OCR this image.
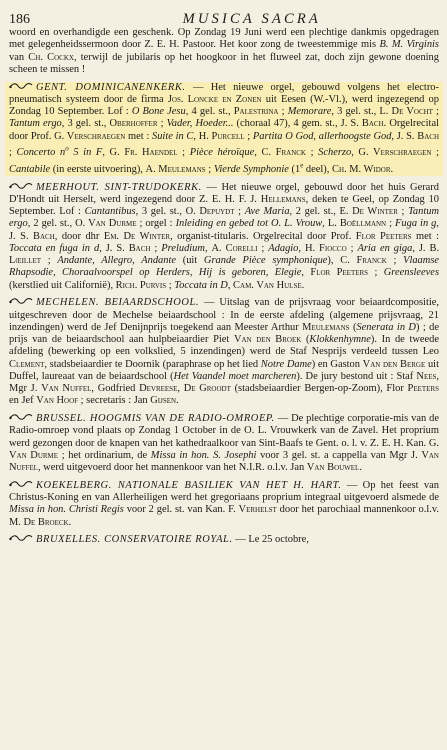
186	MUSICA SACRA

woord en overhandigde een geschenk. Op Zondag 19 Juni werd een plechtige dankmis opgedragen met gelegenheidssermoon door Z. E. H. Pastoor. Het koor zong de tweestemmige mis B. M. Virginis van Ch. Cockx, terwijl de jubilaris op het hoogkoor in het fluweel zat, doch zijn gewone doening scheen te missen !

GENT. DOMINICANENKERK. — Het nieuwe orgel, gebouwd volgens het electro-pneumatisch systeem door de firma Jos. Loncke en Zonen uit Eesen (W.-Vl.), werd ingezegend op Zondag 10 September. Lof : O Bone Jesu, 4 gel. st., Palestrina ; Memorare, 3 gel. st., L. De Vocht ; Tantum ergo, 3 gel. st., Oberhoffer ; Vader, Hoeder... (choraal 47), 4 gem. st., J. S. Bach. Orgelrecital door Prof. G. Verschraegen met : Suite in C, H. Purcell ; Partita O God, allerhoogste God, J. S. Bach ; Concerto $n^o$ 5 in F, G. Fr. Haendel ; Pièce héroïque, C. Franck ; Scherzo, G. Verschraegen ; Cantabile (in eerste uitvoering), A. Meulemans ; Vierde Symphonie (1e deel), Ch. M. Widor.

MEERHOUT. SINT-TRUDOKERK. — Het nieuwe orgel, gebouwd door het huis Gerard D'Hondt uit Herselt, werd ingezegend door Z. E. H. F. J. Hellemans, deken te Geel, op Zondag 10 September. Lof : Cantantibus, 3 gel. st., O. Depuydt ; Ave Maria, 2 gel. st., E. De Winter ; Tantum ergo, 2 gel. st., O. Van Durme ; orgel : Inleiding en gebed tot O. L. Vrouw, L. Boëllmann ; Fuga in g, J. S. Bach, door dhr Em. De Winter, organist-titularis. Orgelrecital door Prof. Flor Peeters met : Toccata en fuga in d, J. S. Bach ; Preludium, A. Corelli ; Adagio, H. Fiocco ; Aria en giga, J. B. Lœillet ; Andante, Allegro, Andante (uit Grande Pièce symphonique), C. Franck ; Vlaamse Rhapsodie, Choraalvoorspel op Herders, Hij is geboren, Elegie, Flor Peeters ; Greensleeves (kerstlied uit Californië), Rich. Purvis ; Toccata in D, Cam. Van Hulse.

MECHELEN. BEIAARDSCHOOL. — Uitslag van de prijsvraag voor beiaardcompositie, uitgeschreven door de Mechelse beiaardschool : In de eerste afdeling (algemene prijsvraag, 21 inzendingen) werd de Jef Denijnprijs toegekend aan Meester Arthur Meulemans (Senerata in D) ; de prijs van de beiaardschool aan hulpbeiaardier Piet Van den Broek (Klokkenhymne). In de tweede afdeling (bewerking op een volkslied, 5 inzendingen) werd de Staf Nesprijs verdeeld tussen Leo Clement, stadsbeiaardier te Doornik (paraphrase op het lied Notre Dame) en Gaston Van den Berge uit Duffel, laureaat van de beiaardschool (Het Vaandel moet marcheren). De jury bestond uit : Staf Nees, Mgr J. Van Nuffel, Godfried Devreese, De Groodt (stadsbeiaardier Bergen-op-Zoom), Flor Peeters en Jef Van Hoof ; secretaris : Jan Gijsen.

BRUSSEL. HOOGMIS VAN DE RADIO-OMROEP. — De plechtige corporatie-mis van de Radio-omroep vond plaats op Zondag 1 October in de O. L. Vrouwkerk van de Zavel. Het proprium werd gezongen door de knapen van het kathedraalkoor van Sint-Baafs te Gent. o. l. v. Z. E. H. Kan. G. Van Durme ; het ordinarium, de Missa in hon. S. Josephi voor 3 gel. st. a cappella van Mgr J. Van Nuffel, werd uitgevoerd door het mannenkoor van het N.I.R. o.l.v. Jan Van Bouwel.

KOEKELBERG. NATIONALE BASILIEK VAN HET H. HART. — Op het feest van Christus-Koning en van Allerheiligen werd het gregoriaans proprium integraal uitgevoerd alsmede de Missa in hon. Christi Regis voor 2 gel. st. van Kan. F. Verhelst door het parochiaal mannenkoor o.l.v. M. De Broeck.

BRUXELLES. CONSERVATOIRE ROYAL. — Le 25 octobre,
